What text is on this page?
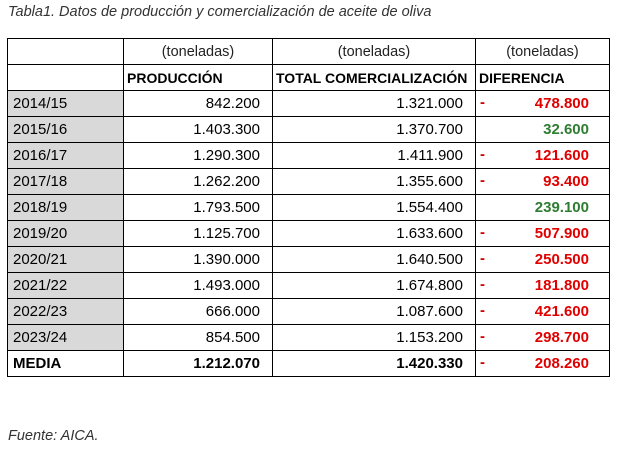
Tabla1. Datos de producción y comercialización de aceite de oliva
	(toneladas)	(toneladas)	(toneladas)
	PRODUCCIÓN	TOTAL COMERCIALIZACIÓN	DIFERENCIA
2014/15	842.200	1.321.000	- 478.800
2015/16	1.403.300	1.370.700	32.600
2016/17	1.290.300	1.411.900	- 121.600
2017/18	1.262.200	1.355.600	- 93.400
2018/19	1.793.500	1.554.400	239.100
2019/20	1.125.700	1.633.600	- 507.900
2020/21	1.390.000	1.640.500	- 250.500
2021/22	1.493.000	1.674.800	- 181.800
2022/23	666.000	1.087.600	- 421.600
2023/24	854.500	1.153.200	- 298.700
MEDIA	1.212.070	1.420.330	- 208.260
Fuente: AICA.
